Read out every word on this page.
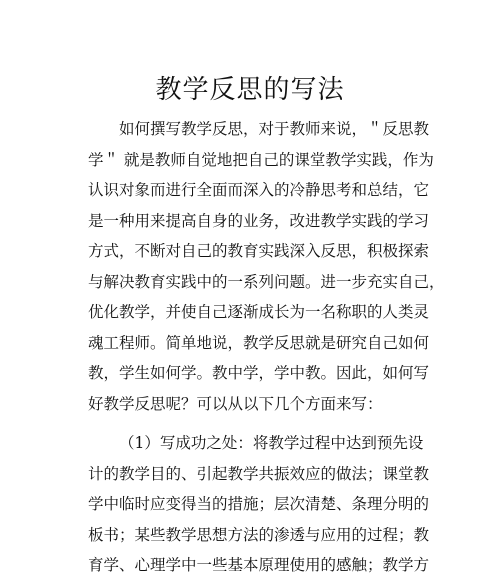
教学反思的写法
如何撰写教学反思，对于教师来说，＂反思教
学＂ 就是教师自觉地把自己的课堂教学实践，作为
认识对象而进行全面而深入的冷静思考和总结，它
是一种用来提高自身的业务，改进教学实践的学习
方式，不断对自己的教育实践深入反思，积极探索
与解决教育实践中的一系列问题。进一步充实自己，
优化教学，并使自己逐渐成长为一名称职的人类灵
魂工程师。简单地说，教学反思就是研究自己如何
教，学生如何学。教中学，学中教。因此，如何写
好教学反思呢？可以从以下几个方面来写：
（1）写成功之处：将教学过程中达到预先设
计的教学目的、引起教学共振效应的做法；课堂教
学中临时应变得当的措施；层次清楚、条理分明的
板书；某些教学思想方法的渗透与应用的过程；教
育学、心理学中一些基本原理使用的感触；教学方
